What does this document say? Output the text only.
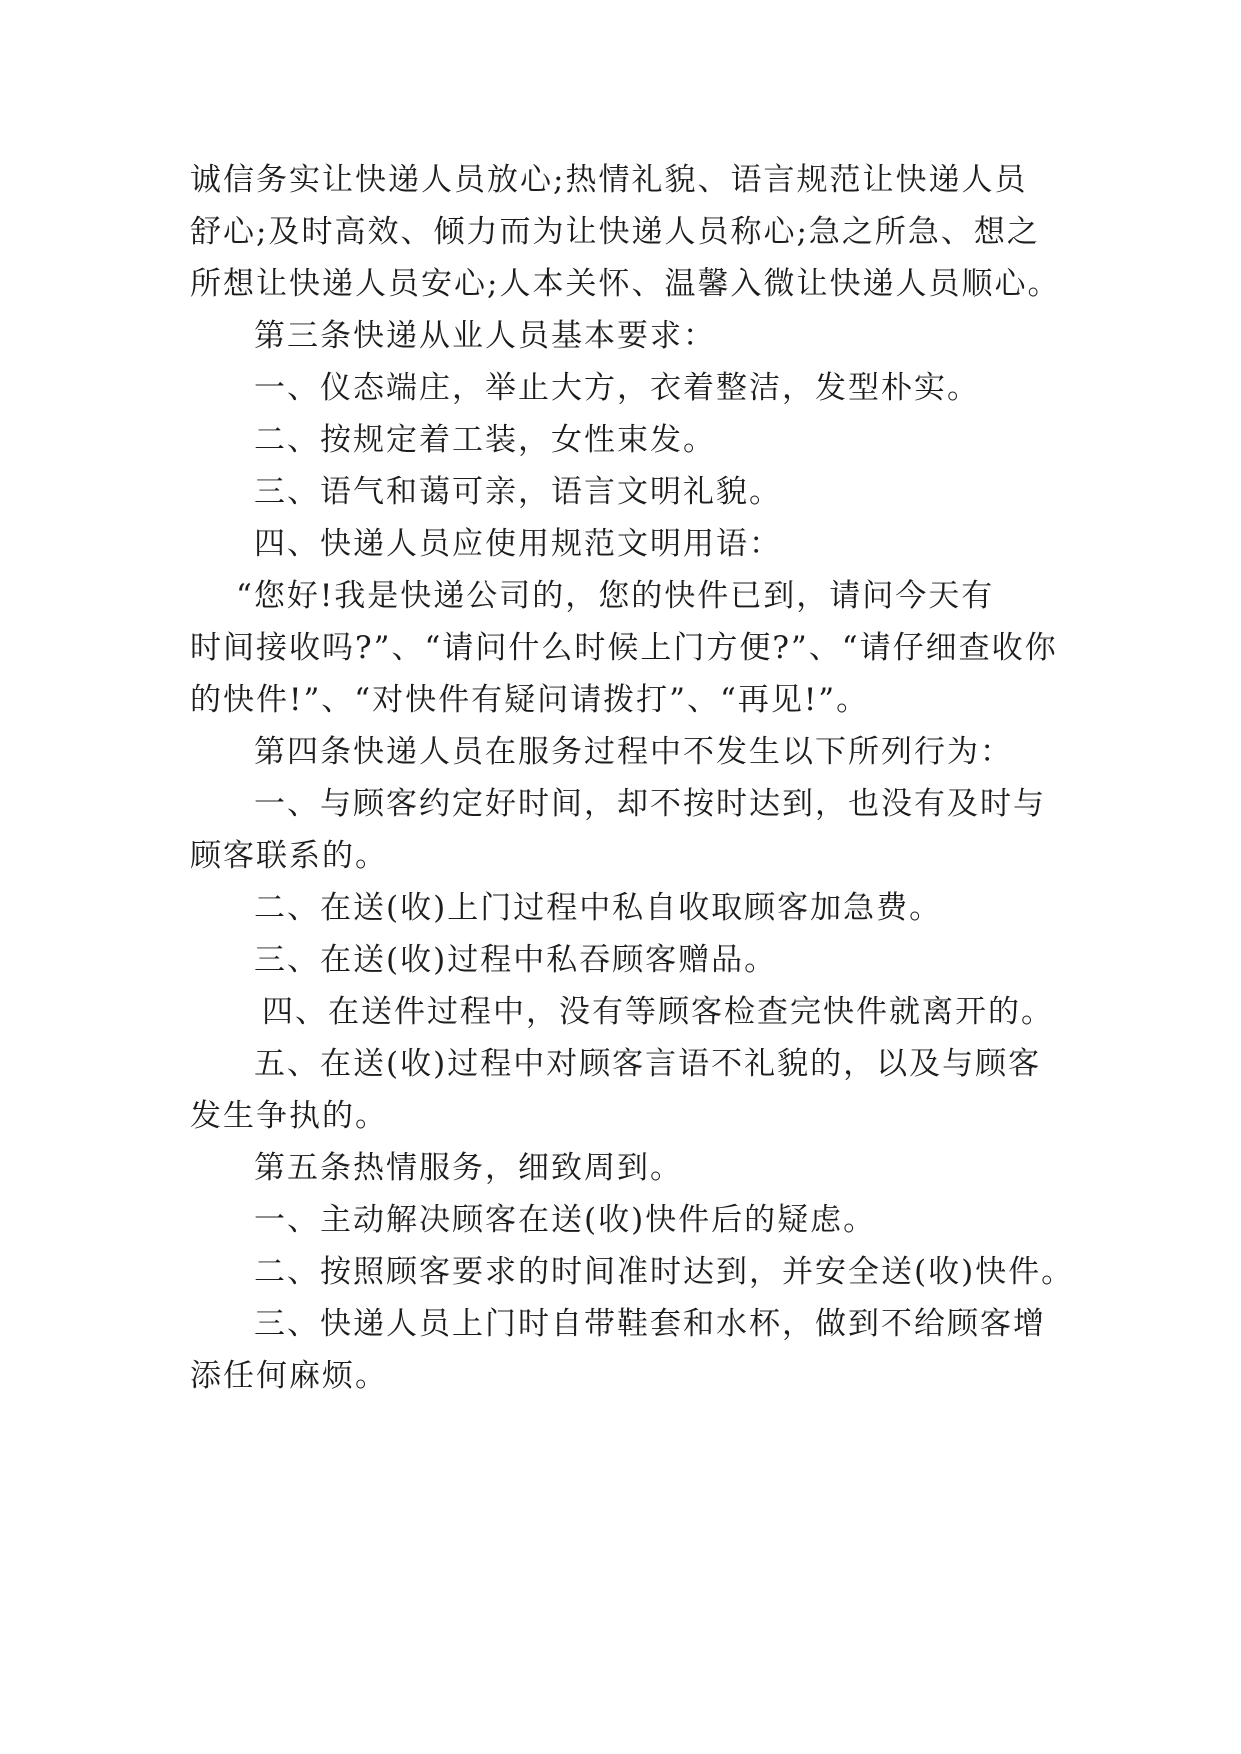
诚信务实让快递人员放心;热情礼貌、语言规范让快递人员
舒心;及时高效、倾力而为让快递人员称心;急之所急、想之
所想让快递人员安心;人本关怀、温馨入微让快递人员顺心。
第三条快递从业人员基本要求：
一、仪态端庄，举止大方，衣着整洁，发型朴实。
二、按规定着工装，女性束发。
三、语气和蔼可亲，语言文明礼貌。
四、快递人员应使用规范文明用语：
“您好!我是快递公司的，您的快件已到，请问今天有
时间接收吗?”、“请问什么时候上门方便?”、“请仔细查收你
的快件!”、“对快件有疑问请拨打”、“再见!”。
第四条快递人员在服务过程中不发生以下所列行为：
一、与顾客约定好时间，却不按时达到，也没有及时与
顾客联系的。
二、在送(收)上门过程中私自收取顾客加急费。
三、在送(收)过程中私吞顾客赠品。
四、在送件过程中，没有等顾客检查完快件就离开的。
五、在送(收)过程中对顾客言语不礼貌的，以及与顾客
发生争执的。
第五条热情服务，细致周到。
一、主动解决顾客在送(收)快件后的疑虑。
二、按照顾客要求的时间准时达到，并安全送(收)快件。
三、快递人员上门时自带鞋套和水杯，做到不给顾客增
添任何麻烦。
